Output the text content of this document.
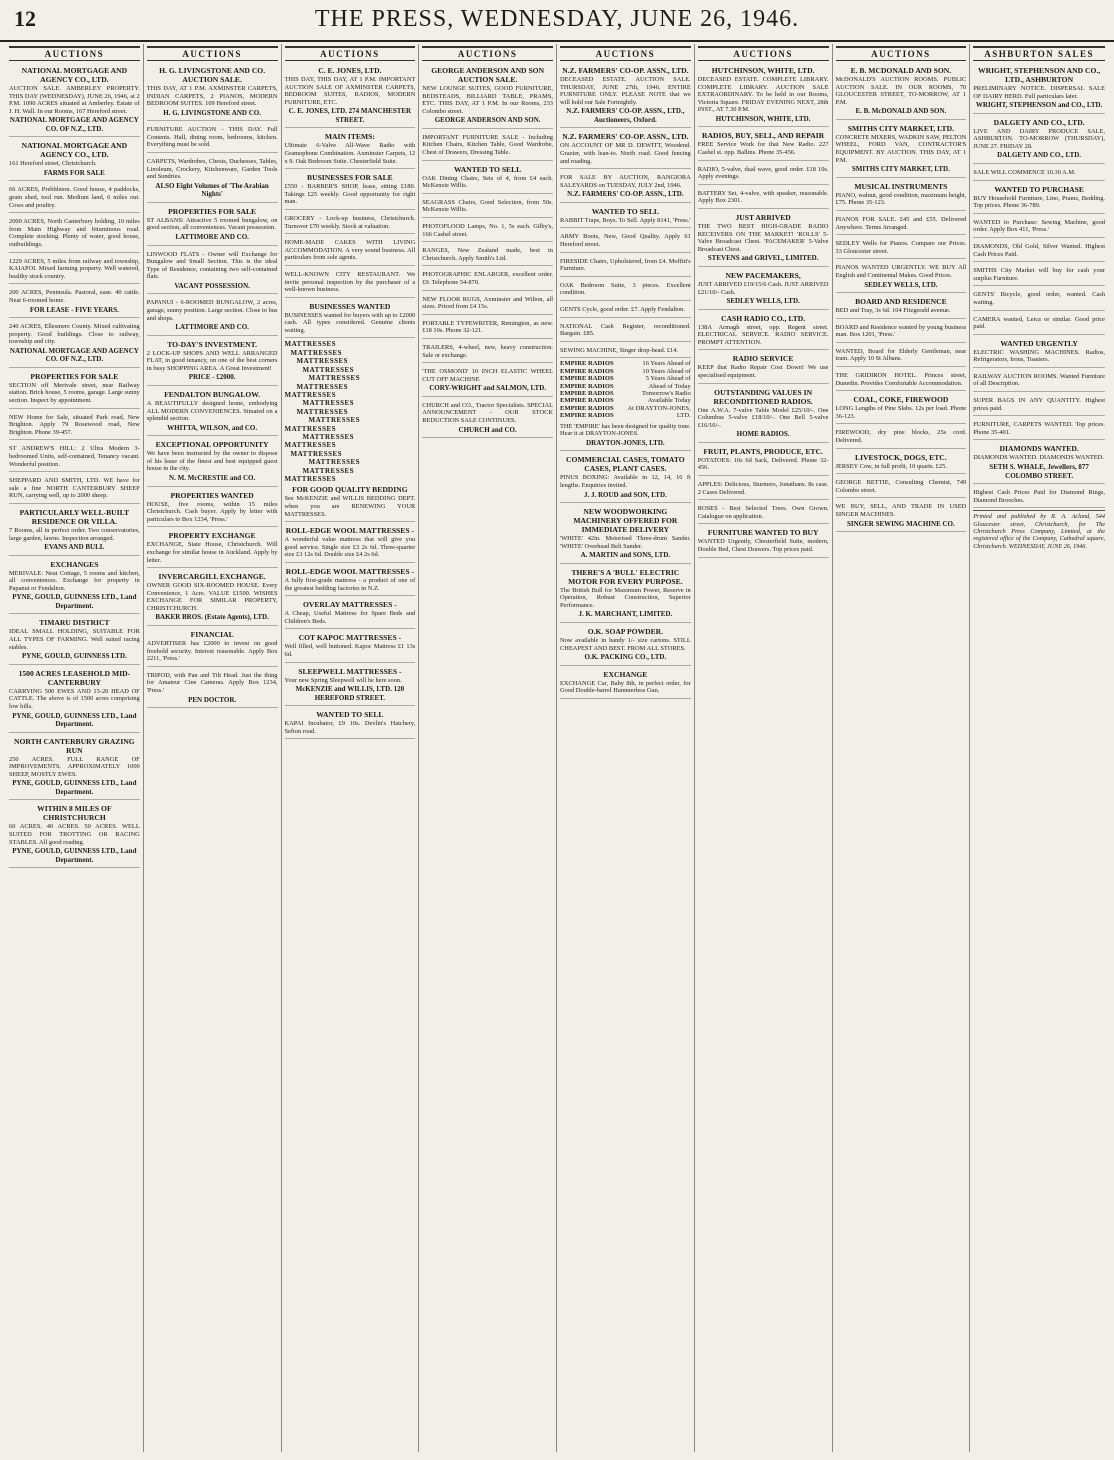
12	THE PRESS, WEDNESDAY, JUNE 26, 1946.
AUCTIONS
NATIONAL MORTGAGE AND AGENCY CO., LTD.
AUCTION SALE. AMBERLEY PROPERTY. THIS DAY (WEDNESDAY), JUNE 26, 1946, at 2 P.M. 1090 ACRES situated at Amberley. Estate of J. H. Wall. In our Rooms, 167 Hereford street.
NATIONAL MORTGAGE AND AGENCY CO. OF N.Z., LTD.
NATIONAL MORTGAGE AND AGENCY CO., LTD.
161 Hereford street, Christchurch.
FARMS FOR SALE
66 ACRES, Prebbleton. Good house, 4 paddocks, grain shed, tool run. Medium land, 6 miles out. Cows and poultry.
2000 ACRES, North Canterbury holding, 10 miles from Main Highway and bituminous road. Complete stocking. Plenty of water, good house, outbuildings.
1229 ACRES, 5 miles from railway and township, KAIAPOI. Mixed farming property. Well watered, healthy stock country.
200 ACRES, Peninsula. Pastoral, ease. 40 cattle. Neat 6-roomed home.
FOR LEASE - FIVE YEARS.
240 ACRES, Ellesmere County. Mixed cultivating property. Good buildings. Close to railway, township and city.
NATIONAL MORTGAGE AND AGENCY CO. OF N.Z., LTD.
PROPERTIES FOR SALE
SECTION off Merivale street, near Railway station. Brick house, 5 rooms, garage. Large sunny section. Inspect by appointment.
NEW Home for Sale, situated Park road, New Brighton. Apply 79 Rosewood road, New Brighton. Phone 39-457.
ST ANDREW'S HILL: 2 Ultra Modern 3-bedroomed Units, self-contained, Tenancy vacant. Wonderful position.
SHEPPARD AND SMITH, LTD. WE have for sale a fine NORTH CANTERBURY SHEEP RUN, carrying well, up to 2000 sheep.
PARTICULARLY WELL-BUILT RESIDENCE OR VILLA.
7 Rooms, all in perfect order. Two conservatories, large garden, lawns. Inspection arranged.
EVANS AND BULL
EXCHANGES
MERIVALE: Neat Cottage, 5 rooms and kitchen, all conveniences. Exchange for property in Papanui or Fendalton.
PYNE, GOULD, GUINNESS LTD., Land Department.
TIMARU DISTRICT
IDEAL SMALL HOLDING, SUITABLE FOR ALL TYPES OF FARMING. Well suited racing stables.
PYNE, GOULD, GUINNESS LTD.
1500 ACRES LEASEHOLD MID-CANTERBURY
CARRYING 500 EWES AND 15-20 HEAD OF CATTLE. The above is of 1500 acres comprising low hills.
PYNE, GOULD, GUINNESS LTD., Land Department.
NORTH CANTERBURY GRAZING RUN
250 ACRES. FULL RANGE OF IMPROVEMENTS. APPROXIMATELY 1000 SHEEP, MOSTLY EWES.
PYNE, GOULD, GUINNESS LTD., Land Department.
WITHIN 8 MILES OF CHRISTCHURCH
60 ACRES. 40 ACRES. 50 ACRES. WELL SUITED FOR TROTTING OR RACING STABLES. All good roading.
PYNE, GOULD, GUINNESS LTD., Land Department.
AUCTIONS
H. G. LIVINGSTONE AND CO. AUCTION SALE.
THIS DAY, AT 1 P.M. AXMINSTER CARPETS, INDIAN CARPETS, 2 PIANOS, MODERN BEDROOM SUITES. 109 Hereford street.
H. G. LIVINGSTONE AND CO.
FURNITURE AUCTION - THIS DAY. Full Contents. Hall, dining room, bedrooms, kitchen. Everything must be sold.
CARPETS, Wardrobes, Chests, Duchesses, Tables, Linoleum, Crockery, Kitchenware, Garden Tools and Sundries.
ALSO Eight Volumes of 'The Arabian Nights'
PROPERTIES FOR SALE
ST ALBANS: Attractive 5 roomed bungalow, on good section, all conveniences. Vacant possession.
LATTIMORE AND CO.
LINWOOD FLATS - Owner will Exchange for Bungalow and Small Section. This is the ideal Type of Residence, containing two self-contained flats.
VACANT POSSESSION.
PAPANUI - 6-ROOMED BUNGALOW, 2 acres, garage, sunny position. Large section. Close to bus and shops.
LATTIMORE AND CO.
TO-DAY'S INVESTMENT.
2 LOCK-UP SHOPS AND WELL ARRANGED FLAT, in good tenancy, on one of the best corners in busy SHOPPING AREA. A Great Investment!
PRICE - £2000.
FENDALTON BUNGALOW.
A BEAUTIFULLY designed home, embodying ALL MODERN CONVENIENCES. Situated on a splendid section.
WHITTA, WILSON, and CO.
EXCEPTIONAL OPPORTUNITY
We have been instructed by the owner to dispose of his lease of the finest and best equipped guest house in the city.
N. M. McCRESTIE and CO.
PROPERTIES WANTED
HOUSE, five rooms, within 15 miles Christchurch. Cash buyer. Apply by letter with particulars to Box 1234, 'Press.'
PROPERTY EXCHANGE
EXCHANGE, State House, Christchurch. Will exchange for similar house in Auckland. Apply by letter.
INVERCARGILL EXCHANGE.
OWNER GOOD SIX-ROOMED HOUSE. Every Convenience, 1 Acre. VALUE £1500. WISHES EXCHANGE FOR SIMILAR PROPERTY, CHRISTCHURCH.
BAKER BROS. (Estate Agents), LTD.
FINANCIAL
ADVERTISER has £2000 to invest on good freehold security. Interest reasonable. Apply Box 2211, 'Press.'
TRIPOD, with Pan and Tilt Head. Just the thing for Amateur Cine Cameras. Apply Box 1234, 'Press.'
PEN DOCTOR.
AUCTIONS
C. E. JONES, LTD.
THIS DAY, THIS DAY, AT 1 P.M. IMPORTANT AUCTION SALE OF AXMINSTER CARPETS, BEDROOM SUITES, RADIOS, MODERN FURNITURE, ETC.
C. E. JONES, LTD. 274 MANCHESTER STREET.
MAIN ITEMS:
Ultimate 6-Valve All-Wave Radio with Gramophone Combination. Axminster Carpets, 12 x 9. Oak Bedroom Suite. Chesterfield Suite.
BUSINESSES FOR SALE
£550 - BARBER'S SHOP, lease, sitting £180. Takings £25 weekly. Good opportunity for right man.
GROCERY - Lock-up business, Christchurch. Turnover £70 weekly. Stock at valuation.
HOME-MADE CAKES WITH LIVING ACCOMMODATION. A very sound business. All particulars from sole agents.
WELL-KNOWN CITY RESTAURANT. We invite personal inspection by the purchaser of a well-known business.
BUSINESSES WANTED
BUSINESSES wanted for buyers with up to £2000 cash. All types considered. Genuine clients waiting.
MATTRESSES
MATTRESSES
MATTRESSES
MATTRESSES
MATTRESSES
MATTRESSES
MATTRESSES
MATTRESSES
MATTRESSES
MATTRESSES
MATTRESSES
MATTRESSES
MATTRESSES
MATTRESSES
MATTRESSES
MATTRESSES
MATTRESSES
FOR GOOD QUALITY BEDDING
See McKENZIE and WILLIS BEDDING DEPT. when you are RENEWING YOUR MATTRESSES.
ROLL-EDGE WOOL MATTRESSES -
A wonderful value mattress that will give you good service. Single size £3 2s 6d. Three-quarter size £3 12s 6d. Double size £4 2s 6d.
ROLL-EDGE WOOL MATTRESSES -
A fully first-grade mattress - a product of one of the greatest bedding factories in N.Z.
OVERLAY MATTRESSES -
A Cheap, Useful Mattress for Spare Beds and Children's Beds.
COT KAPOC MATTRESSES -
Well filled, well buttoned. Kapoc Mattress £1 13s 6d.
SLEEPWELL MATTRESSES -
Your new Spring Sleepwell will be here soon.
McKENZIE and WILLIS, LTD. 120 HEREFORD STREET.
WANTED TO SELL
KAPAI Incubator, £9 10s. Devlin's Hatchery, Sefton road.
AUCTIONS
GEORGE ANDERSON AND SON AUCTION SALE.
NEW LOUNGE SUITES, GOOD FURNITURE, BEDSTEADS, BILLIARD TABLE, PRAMS, ETC. THIS DAY, AT 1 P.M. In our Rooms, 233 Colombo street.
GEORGE ANDERSON AND SON.
IMPORTANT FURNITURE SALE - Including Kitchen Chairs, Kitchen Table, Good Wardrobe, Chest of Drawers, Dressing Table.
WANTED TO SELL
OAK Dining Chairs, Sets of 4, from £4 each. McKenzie Willis.
SEAGRASS Chairs, Good Selection, from 50s. McKenzie Willis.
PHOTOFLOOD Lamps, No. 1, 5s each. Gilby's, 166 Cashel street.
RANGES, New Zealand made, best in Christchurch. Apply Smith's Ltd.
PHOTOGRAPHIC ENLARGER, excellent order. £9. Telephone 54-870.
NEW FLOOR RUGS, Axminster and Wilton, all sizes. Priced from £4 15s.
PORTABLE TYPEWRITER, Remington, as new. £18 10s. Phone 32-121.
TRAILERS, 4-wheel, new, heavy construction. Sale or exchange.
'THE OSMOND' 10 INCH ELASTIC WHEEL CUT OFF MACHINE
CORY-WRIGHT and SALMON, LTD.
CHURCH and CO., Tractor Specialists. SPECIAL ANNOUNCEMENT - OUR STOCK REDUCTION SALE CONTINUES.
CHURCH and CO.
AUCTIONS
N.Z. FARMERS' CO-OP. ASSN., LTD.
DECEASED ESTATE. AUCTION SALE. THURSDAY, JUNE 27th, 1946. ENTIRE FURNITURE ONLY. PLEASE NOTE that we will hold our Sale Fortnightly.
N.Z. FARMERS' CO-OP. ASSN., LTD., Auctioneers, Oxford.
N.Z. FARMERS' CO-OP. ASSN., LTD.
ON ACCOUNT OF MR D. DEWITT, Woodend. Grazier, with lean-to. North road. Good fencing and roading.
FOR SALE BY AUCTION, RANGIORA SALEYARDS on TUESDAY, JULY 2nd, 1946.
N.Z. FARMERS' CO-OP. ASSN., LTD.
WANTED TO SELL
RABBIT Traps, Boys. To Sell. Apply 8141, 'Press.'
ARMY Boots, New, Good Quality. Apply 61 Hereford street.
FIRESIDE Chairs, Upholstered, from £4. Moffitt's Furniture.
OAK Bedroom Suite, 3 pieces. Excellent condition.
GENTS Cycle, good order. £7. Apply Fendalton.
NATIONAL Cash Register, reconditioned. Bargain. £85.
SEWING MACHINE, Singer drop-head. £14.
EMPIRE RADIOS	16 Years Ahead of
EMPIRE RADIOS	10 Years Ahead of
EMPIRE RADIOS	5 Years Ahead of
EMPIRE RADIOS	Ahead of Today
EMPIRE RADIOS	Tomorrow's Radio
EMPIRE RADIOS	Available Today
EMPIRE RADIOS At DRAYTON-JONES,
EMPIRE RADIOS	LTD.
THE 'EMPIRE' has been designed for quality tone. Hear it at DRAYTON-JONES.
DRAYTON-JONES, LTD.
COMMERCIAL CASES, TOMATO CASES, PLANT CASES.
PINUS BOXING: Available in 12, 14, 16 ft lengths. Enquiries invited.
J. J. ROUD and SON, LTD.
NEW WOODWORKING MACHINERY OFFERED FOR IMMEDIATE DELIVERY
'WHITE' 42in. Motorised Three-drum Sander. 'WHITE' Overhead Belt Sander.
A. MARTIN and SONS, LTD.
THERE'S A 'BULL' ELECTRIC MOTOR FOR EVERY PURPOSE.
The British Bull for Maximum Power, Reserve in Operation, Robust Construction, Superior Performance.
J. K. MARCHANT, LIMITED.
O.K. SOAP POWDER.
Now available in handy 1/- size cartons. STILL CHEAPEST AND BEST. FROM ALL STORES.
O.K. PACKING CO., LTD.
EXCHANGE
EXCHANGE Car, Baby 8th, in perfect order, for Good Double-barrel Hammerless Gun.
AUCTIONS
HUTCHINSON, WHITE, LTD.
DECEASED ESTATE. COMPLETE LIBRARY. COMPLETE LIBRARY. AUCTION SALE EXTRAORDINARY. To be held in our Rooms, Victoria Square. FRIDAY EVENING NEXT, 28th INST., AT 7.30 P.M.
HUTCHINSON, WHITE, LTD.
RADIOS, BUY, SELL, AND REPAIR
FREE Service Work for that New Radio. 227 Cashel st. opp. Ballins. Phone 35-456.
RADIO, 5-valve, dual wave, good order. £18 10s. Apply evenings.
BATTERY Set, 4-valve, with speaker, reasonable. Apply Box 2301.
JUST ARRIVED
THE TWO BEST HIGH-GRADE RADIO RECEIVERS ON THE MARKET! 'ROLLS' 5-Valve Broadcast Chest. 'PACEMAKER' 5-Valve Broadcast Chest.
STEVENS and GRIVEL, LIMITED.
NEW PACEMAKERS,
JUST ARRIVED £19/15/6 Cash. JUST ARRIVED £21/10/- Cash.
SEDLEY WELLS, LTD.
CASH RADIO CO., LTD.
138A Armagh street, opp. Regent street. ELECTRICAL SERVICE. RADIO SERVICE. PROMPT ATTENTION.
RADIO SERVICE
KEEP that Radio Repair Cost Down! We use specialised equipment.
OUTSTANDING VALUES IN RECONDITIONED RADIOS.
One A.W.A. 7-valve Table Model £25/10/-. One Columbus 5-valve £18/10/-. One Bell 5-valve £16/10/-.
HOME RADIOS.
FRUIT, PLANTS, PRODUCE, ETC.
POTATOES: 10s 6d Sack, Delivered. Phone 32-456.
APPLES: Delicious, Sturmers, Jonathans. 8s case. 2 Cases Delivered.
ROSES - Best Selected Trees. Own Grown. Catalogue on application.
FURNITURE WANTED TO BUY
WANTED Urgently, Chesterfield Suite, modern, Double Bed, Chest Drawers. Top prices paid.
AUCTIONS
E. B. MCDONALD AND SON.
McDONALD'S AUCTION ROOMS. PUBLIC AUCTION SALE. IN OUR ROOMS, 70 GLOUCESTER STREET, TO-MORROW, AT 1 P.M.
E. B. McDONALD AND SON.
SMITHS CITY MARKET, LTD.
CONCRETE MIXERS, WADKIN SAW, PELTON WHEEL, FORD VAN, CONTRACTOR'S EQUIPMENT. BY AUCTION. THIS DAY, AT 1 P.M.
SMITHS CITY MARKET, LTD.
MUSICAL INSTRUMENTS
PIANO, walnut, good condition, maximum height, £75. Phone 35-123.
PIANOS FOR SALE. £45 and £55. Delivered Anywhere. Terms Arranged.
SEDLEY Wells for Pianos. Compare our Prices. 33 Gloucester street.
PIANOS WANTED URGENTLY. WE BUY All English and Continental Makes. Good Prices.
SEDLEY WELLS, LTD.
BOARD AND RESIDENCE
BED and Tray, 3s 6d. 104 Fitzgerald avenue.
BOARD and Residence wanted by young business man. Box 1201, 'Press.'
WANTED, Board for Elderly Gentleman, near tram. Apply 10 St Albans.
THE GRIDIRON HOTEL. Princes street, Dunedin. Provides Comfortable Accommodation.
COAL, COKE, FIREWOOD
LONG Lengths of Pine Slabs. 12s per load. Phone 36-123.
FIREWOOD, dry pine blocks, 25s cord. Delivered.
LIVESTOCK, DOGS, ETC.
JERSEY Cow, in full profit, 10 quarts. £25.
GEORGE BETTIE, Consulting Chemist, 749 Colombo street.
WE BUY, SELL, AND TRADE IN USED SINGER MACHINES.
SINGER SEWING MACHINE CO.
ASHBURTON SALES
WRIGHT, STEPHENSON AND CO., LTD., ASHBURTON
PRELIMINARY NOTICE. DISPERSAL SALE OF DAIRY HERD. Full particulars later.
WRIGHT, STEPHENSON and CO., LTD.
DALGETY AND CO., LTD.
LIVE AND DAIRY PRODUCE SALE, ASHBURTON. TO-MORROW (THURSDAY), JUNE 27. FRIDAY 28.
DALGETY AND CO., LTD.
SALE WILL COMMENCE 10.30 A.M.
WANTED TO PURCHASE
BUY Household Furniture, Lino, Prams, Bedding. Top prices. Phone 36-789.
WANTED to Purchase: Sewing Machine, good order. Apply Box 411, 'Press.'
DIAMONDS, Old Gold, Silver Wanted. Highest Cash Prices Paid.
SMITHS City Market will buy for cash your surplus Furniture.
GENTS' Bicycle, good order, wanted. Cash waiting.
CAMERA wanted, Leica or similar. Good price paid.
WANTED URGENTLY
ELECTRIC WASHING MACHINES. Radios, Refrigerators, Irons, Toasters.
RAILWAY AUCTION ROOMS. Wanted Furniture of all Description.
SUPER BAGS IN ANY QUANTITY. Highest prices paid.
FURNITURE, CARPETS WANTED. Top prices. Phone 35-401.
DIAMONDS WANTED.
DIAMONDS WANTED. DIAMONDS WANTED.
SETH S. WHALE, Jewellers, 877 COLOMBO STREET.
Highest Cash Prices Paid for Diamond Rings, Diamond Brooches.
Printed and published by R. A. Acland, 544 Gloucester street, Christchurch, for The Christchurch Press Company, Limited, at the registered office of the Company, Cathedral square, Christchurch. WEDNESDAY, JUNE 26, 1946.
